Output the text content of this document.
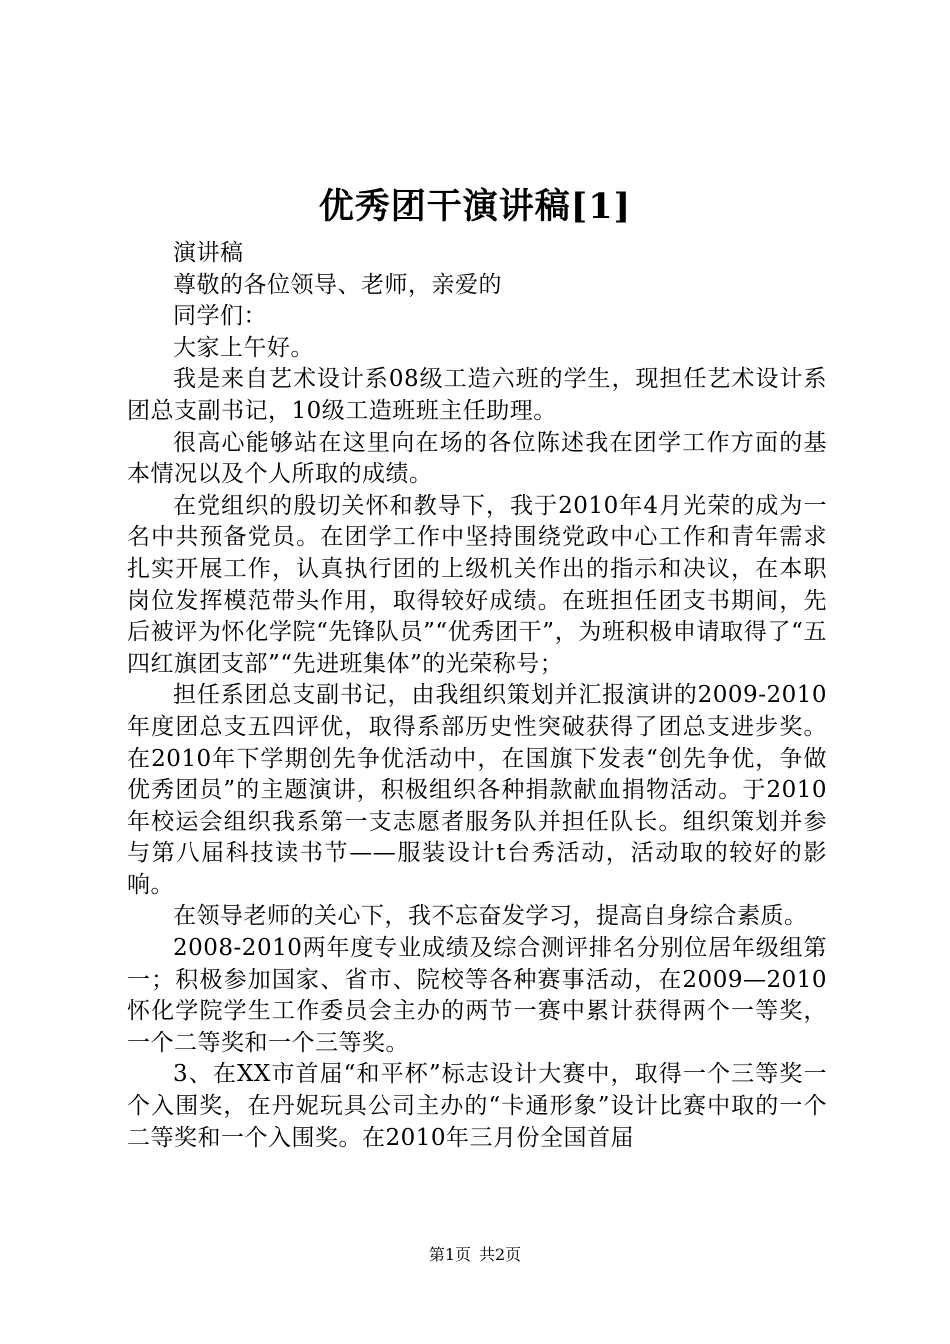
优秀团干演讲稿[1]

演讲稿

尊敬的各位领导、老师，亲爱的

同学们：

大家上午好。

我是来自艺术设计系08级工造六班的学生，现担任艺术设计系团总支副书记，10级工造班班主任助理。

很高心能够站在这里向在场的各位陈述我在团学工作方面的基本情况以及个人所取的成绩。

在党组织的殷切关怀和教导下，我于2010年4月光荣的成为一名中共预备党员。在团学工作中坚持围绕党政中心工作和青年需求扎实开展工作，认真执行团的上级机关作出的指示和决议，在本职岗位发挥模范带头作用，取得较好成绩。在班担任团支书期间，先后被评为怀化学院“先锋队员”“优秀团干”，为班积极申请取得了“五四红旗团支部”“先进班集体”的光荣称号；

担任系团总支副书记，由我组织策划并汇报演讲的2009-2010年度团总支五四评优，取得系部历史性突破获得了团总支进步奖。在2010年下学期创先争优活动中，在国旗下发表“创先争优，争做优秀团员”的主题演讲，积极组织各种捐款献血捐物活动。于2010年校运会组织我系第一支志愿者服务队并担任队长。组织策划并参与第八届科技读书节——服装设计t台秀活动，活动取的较好的影响。

在领导老师的关心下，我不忘奋发学习，提高自身综合素质。

2008-2010两年度专业成绩及综合测评排名分别位居年级组第一；积极参加国家、省市、院校等各种赛事活动，在2009—2010怀化学院学生工作委员会主办的两节一赛中累计获得两个一等奖，一个二等奖和一个三等奖。

3、在XX市首届“和平杯”标志设计大赛中，取得一个三等奖一个入围奖，在丹妮玩具公司主办的“卡通形象”设计比赛中取的一个二等奖和一个入围奖。在2010年三月份全国首届

第1页 共2页
